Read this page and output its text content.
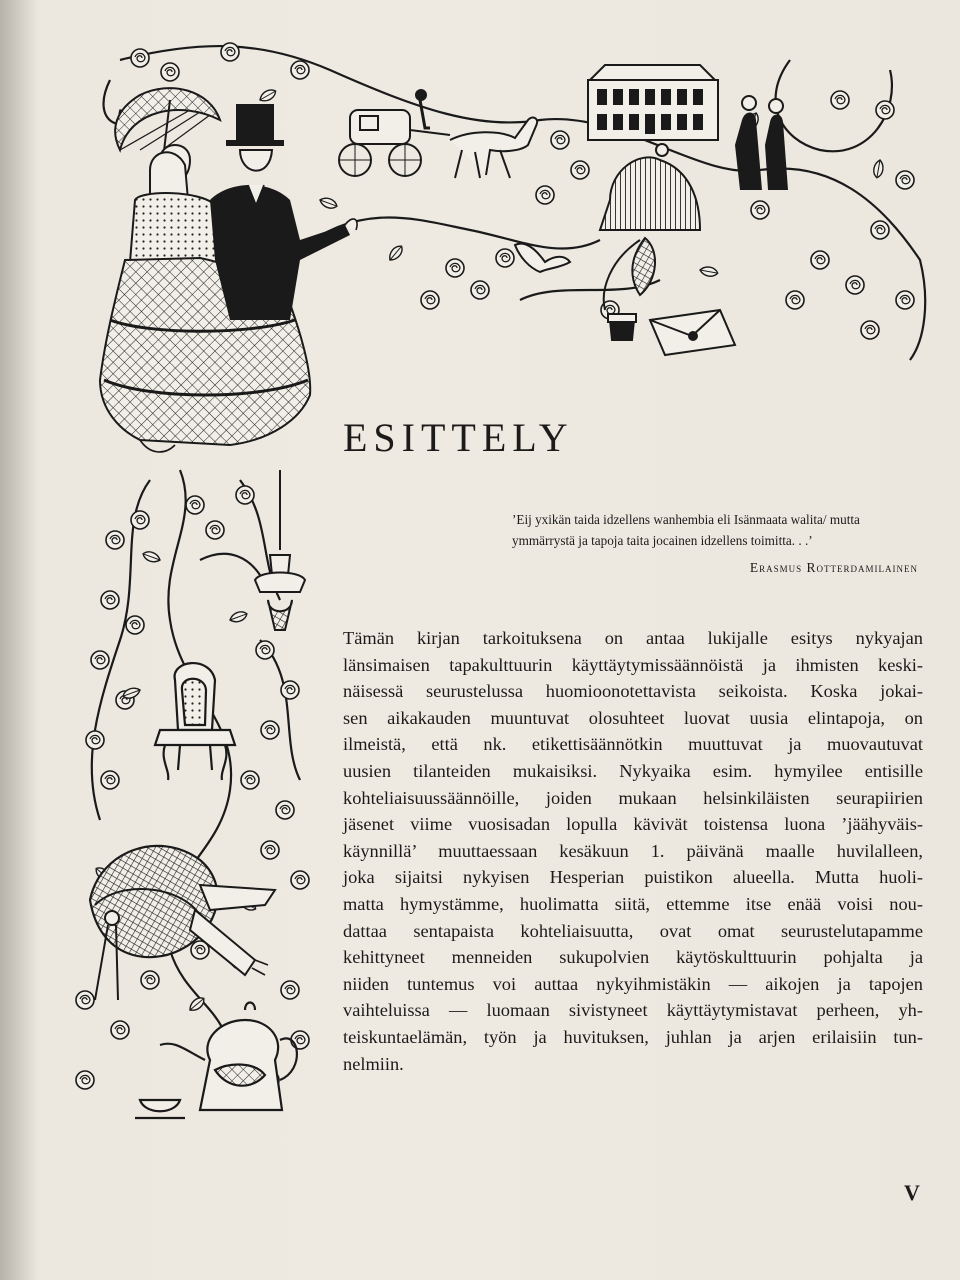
ESITTELY

’Eij yxikän taida idzellens wanhembia eli Isänmaata walita/ mutta ymmärrystä ja tapoja taita jocainen idzellens toimitta. . .’

Erasmus Rotterdamilainen

Tämän kirjan tarkoituksena on antaa lukijalle esitys nykyajan
länsimaisen tapakulttuurin käyttäytymissäännöistä ja ihmisten keski-
näisessä seurustelussa huomioonotettavista seikoista. Koska jokai-
sen aikakauden muuntuvat olosuhteet luovat uusia elintapoja, on
ilmeistä, että nk. etikettisäännötkin muuttuvat ja muovautuvat
uusien tilanteiden mukaisiksi. Nykyaika esim. hymyilee entisille
kohteliaisuussäännöille, joiden mukaan helsinkiläisten seurapiirien
jäsenet viime vuosisadan lopulla kävivät toistensa luona ’jäähyväis-
käynnillä’ muuttaessaan kesäkuun 1. päivänä maalle huvilalleen,
joka sijaitsi nykyisen Hesperian puistikon alueella. Mutta huoli-
matta hymystämme, huolimatta siitä, ettemme itse enää voisi nou-
dattaa sentapaista kohteliaisuutta, ovat omat seurustelutapamme
kehittyneet menneiden sukupolvien käytöskulttuurin pohjalta ja
niiden tuntemus voi auttaa nykyihmistäkin — aikojen ja tapojen
vaihteluissa — luomaan sivistyneet käyttäytymistavat perheen, yh-
teiskuntaelämän, työn ja huvituksen, juhlan ja arjen erilaisiin tun-
nelmiin.

V
